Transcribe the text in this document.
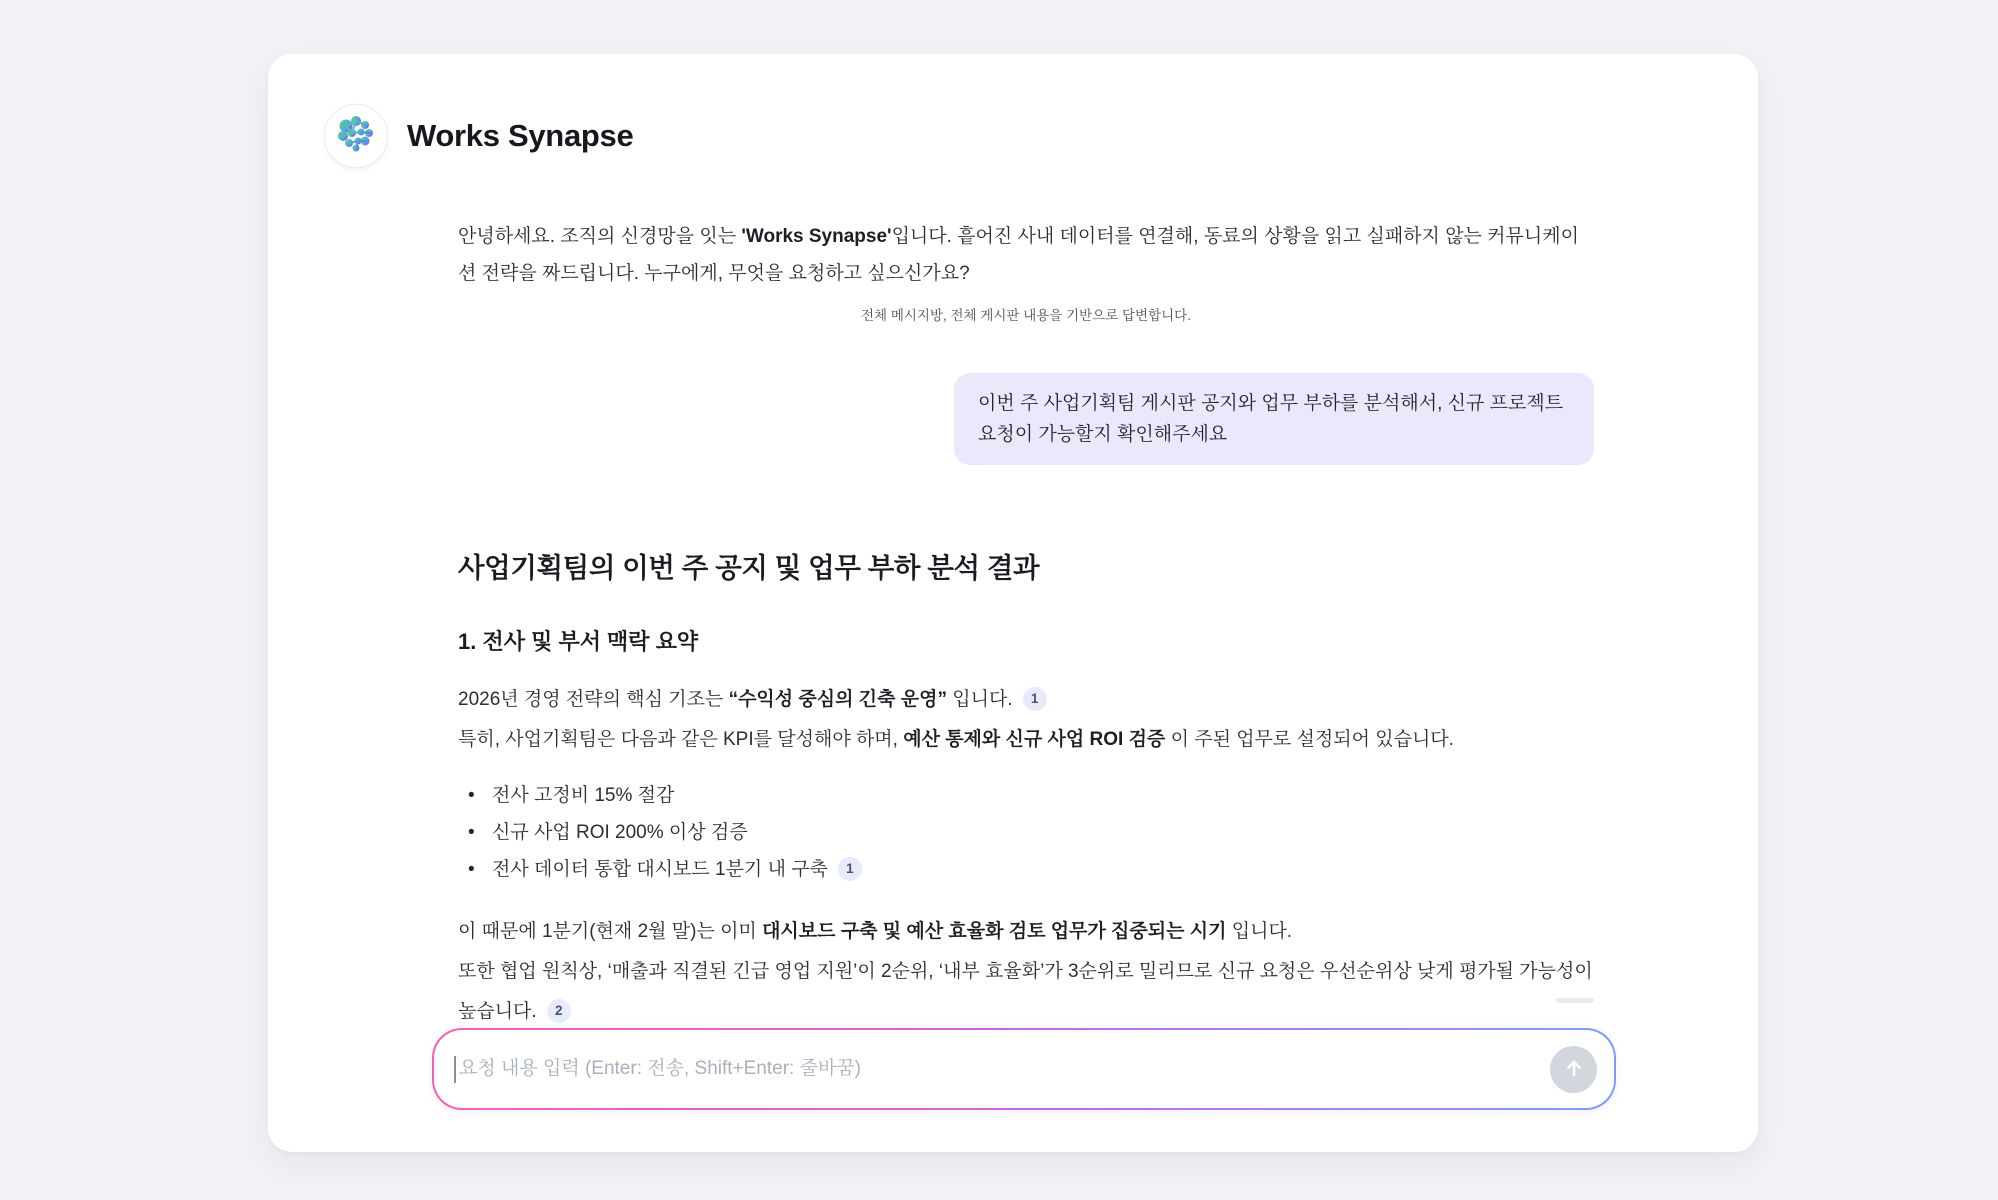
Works Synapse
안녕하세요. 조직의 신경망을 잇는 'Works Synapse'입니다. 흩어진 사내 데이터를 연결해, 동료의 상황을 읽고 실패하지 않는 커뮤니케이션 전략을 짜드립니다. 누구에게, 무엇을 요청하고 싶으신가요?
전체 메시지방, 전체 게시판 내용을 기반으로 답변합니다.
이번 주 사업기획팀 게시판 공지와 업무 부하를 분석해서, 신규 프로젝트 요청이 가능할지 확인해주세요
사업기획팀의 이번 주 공지 및 업무 부하 분석 결과
1. 전사 및 부서 맥락 요약
2026년 경영 전략의 핵심 기조는 “수익성 중심의 긴축 운영” 입니다. 1
특히, 사업기획팀은 다음과 같은 KPI를 달성해야 하며, 예산 통제와 신규 사업 ROI 검증 이 주된 업무로 설정되어 있습니다.
• 전사 고정비 15% 절감
• 신규 사업 ROI 200% 이상 검증
• 전사 데이터 통합 대시보드 1분기 내 구축 1
이 때문에 1분기(현재 2월 말)는 이미 대시보드 구축 및 예산 효율화 검토 업무가 집중되는 시기 입니다.
또한 협업 원칙상, ‘매출과 직결된 긴급 영업 지원’이 2순위, ‘내부 효율화’가 3순위로 밀리므로 신규 요청은 우선순위상 낮게 평가될 가능성이 높습니다. 2
요청 내용 입력 (Enter: 전송, Shift+Enter: 줄바꿈)
